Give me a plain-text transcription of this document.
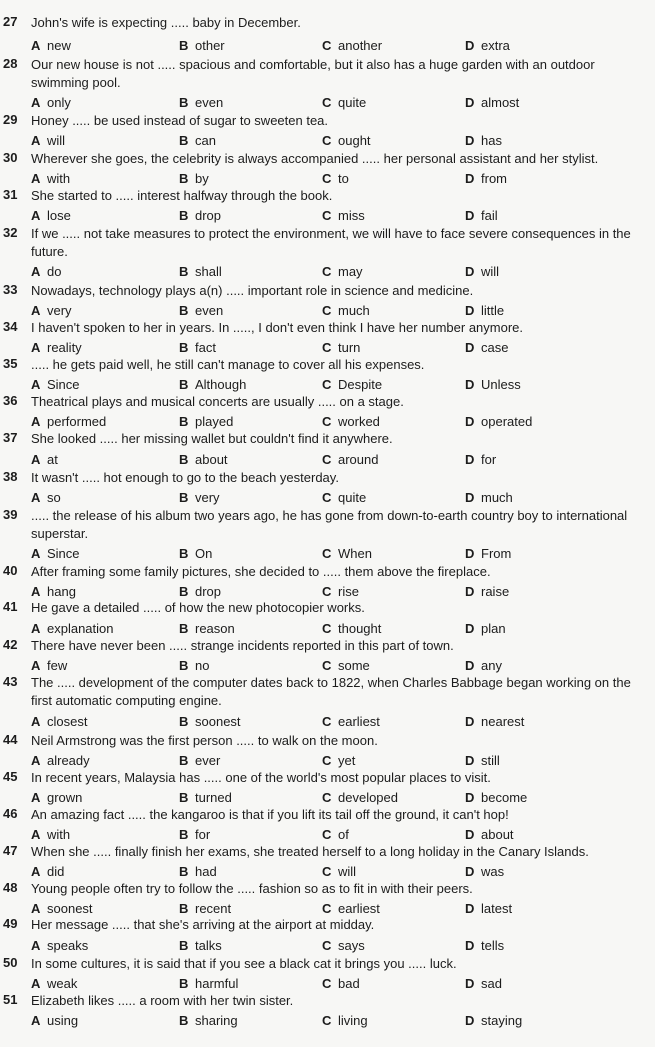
27 John's wife is expecting ..... baby in December.
A new	B other	C another	D extra
28 Our new house is not ..... spacious and comfortable, but it also has a huge garden with an outdoor swimming pool.
A only	B even	C quite	D almost
29 Honey ..... be used instead of sugar to sweeten tea.
A will	B can	C ought	D has
30 Wherever she goes, the celebrity is always accompanied ..... her personal assistant and her stylist.
A with	B by	C to	D from
31 She started to ..... interest halfway through the book.
A lose	B drop	C miss	D fail
32 If we ..... not take measures to protect the environment, we will have to face severe consequences in the future.
A do	B shall	C may	D will
33 Nowadays, technology plays a(n) ..... important role in science and medicine.
A very	B even	C much	D little
34 I haven't spoken to her in years. In ....., I don't even think I have her number anymore.
A reality	B fact	C turn	D case
35 ..... he gets paid well, he still can't manage to cover all his expenses.
A Since	B Although	C Despite	D Unless
36 Theatrical plays and musical concerts are usually ..... on a stage.
A performed	B played	C worked	D operated
37 She looked ..... her missing wallet but couldn't find it anywhere.
A at	B about	C around	D for
38 It wasn't ..... hot enough to go to the beach yesterday.
A so	B very	C quite	D much
39 ..... the release of his album two years ago, he has gone from down-to-earth country boy to international superstar.
A Since	B On	C When	D From
40 After framing some family pictures, she decided to ..... them above the fireplace.
A hang	B drop	C rise	D raise
41 He gave a detailed ..... of how the new photocopier works.
A explanation	B reason	C thought	D plan
42 There have never been ..... strange incidents reported in this part of town.
A few	B no	C some	D any
43 The ..... development of the computer dates back to 1822, when Charles Babbage began working on the first automatic computing engine.
A closest	B soonest	C earliest	D nearest
44 Neil Armstrong was the first person ..... to walk on the moon.
A already	B ever	C yet	D still
45 In recent years, Malaysia has ..... one of the world's most popular places to visit.
A grown	B turned	C developed	D become
46 An amazing fact ..... the kangaroo is that if you lift its tail off the ground, it can't hop!
A with	B for	C of	D about
47 When she ..... finally finish her exams, she treated herself to a long holiday in the Canary Islands.
A did	B had	C will	D was
48 Young people often try to follow the ..... fashion so as to fit in with their peers.
A soonest	B recent	C earliest	D latest
49 Her message ..... that she's arriving at the airport at midday.
A speaks	B talks	C says	D tells
50 In some cultures, it is said that if you see a black cat it brings you ..... luck.
A weak	B harmful	C bad	D sad
51 Elizabeth likes ..... a room with her twin sister.
A using	B sharing	C living	D staying
